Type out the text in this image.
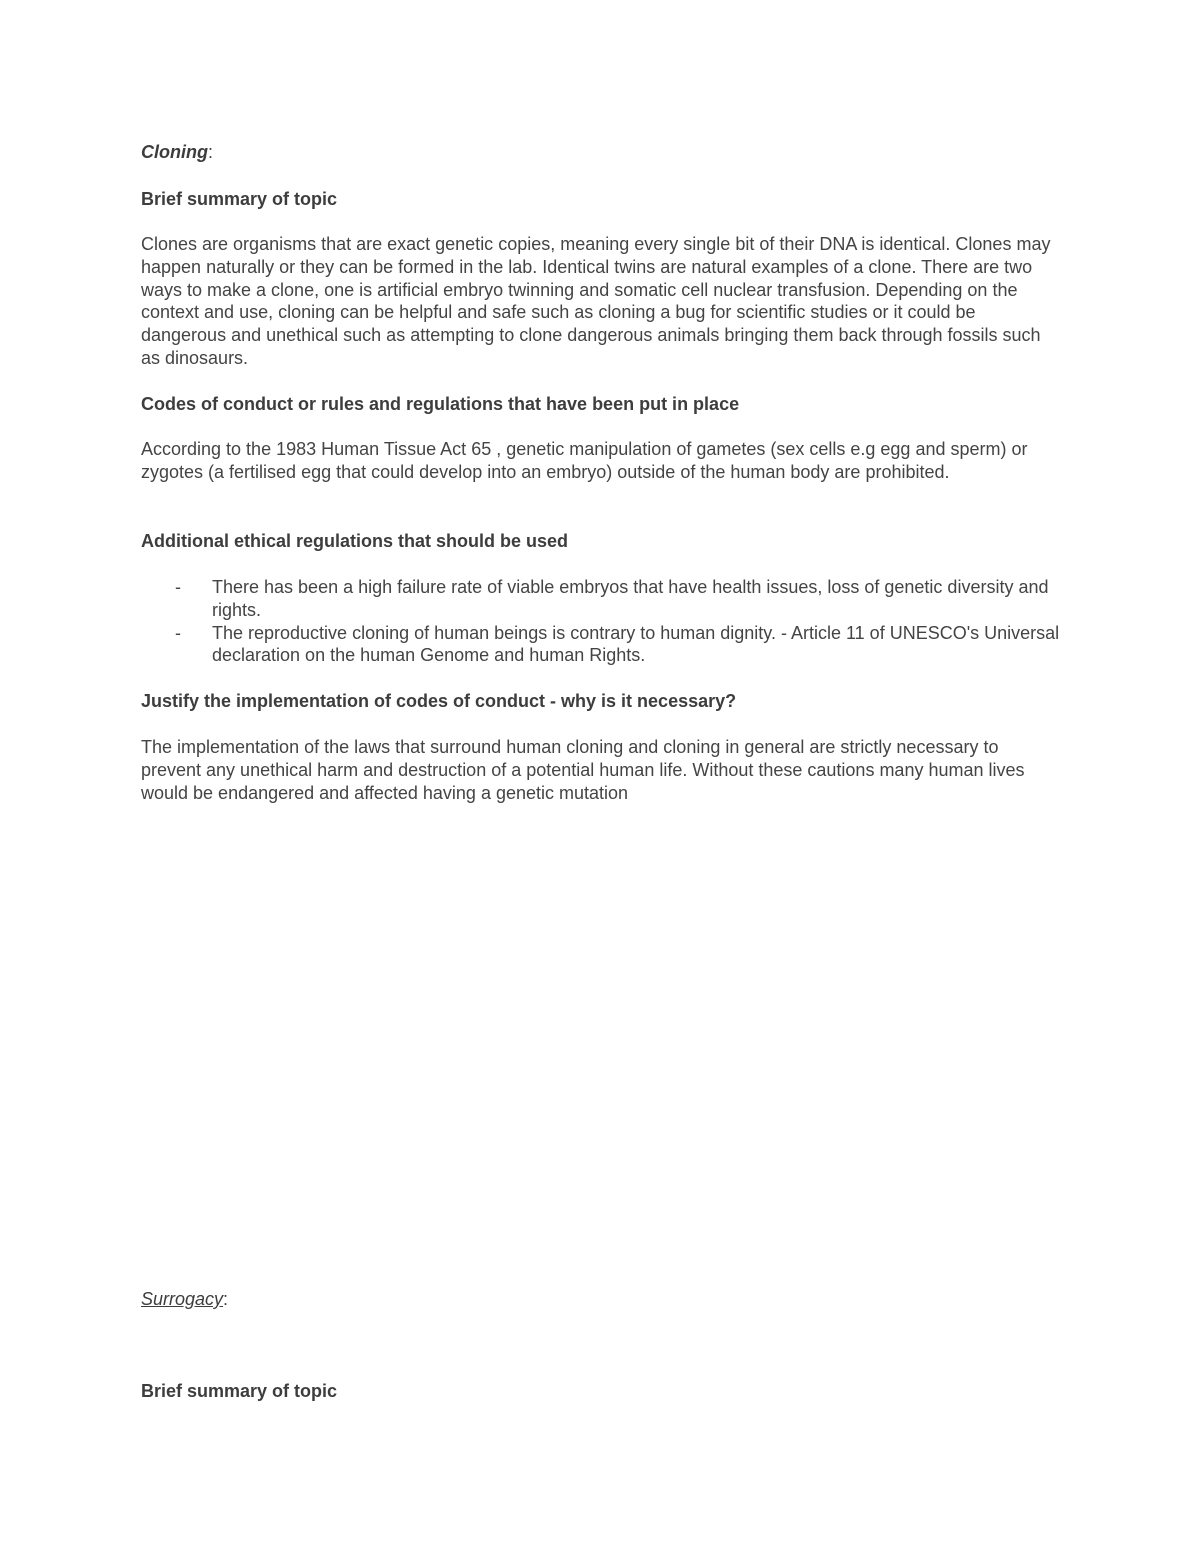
Cloning:

Brief summary of topic

Clones are organisms that are exact genetic copies, meaning every single bit of their DNA is identical. Clones may happen naturally or they can be formed in the lab. Identical twins are natural examples of a clone. There are two ways to make a clone, one is artificial embryo twinning and somatic cell nuclear transfusion. Depending on the context and use, cloning can be helpful and safe such as cloning a bug for scientific studies or it could be dangerous and unethical such as attempting to clone dangerous animals bringing them back through fossils such as dinosaurs.

Codes of conduct or rules and regulations that have been put in place

According to the 1983 Human Tissue Act 65 , genetic manipulation of gametes (sex cells e.g egg and sperm) or zygotes (a fertilised egg that could develop into an embryo) outside of the human body are prohibited.

Additional ethical regulations that should be used

- There has been a high failure rate of viable embryos that have health issues, loss of genetic diversity and rights.
- The reproductive cloning of human beings is contrary to human dignity. - Article 11 of UNESCO's Universal declaration on the human Genome and human Rights.

Justify the implementation of codes of conduct - why is it necessary?

The implementation of the laws that surround human cloning and cloning in general are strictly necessary to prevent any unethical harm and destruction of a potential human life. Without these cautions many human lives would be endangered and affected having a genetic mutation

Surrogacy:

Brief summary of topic
